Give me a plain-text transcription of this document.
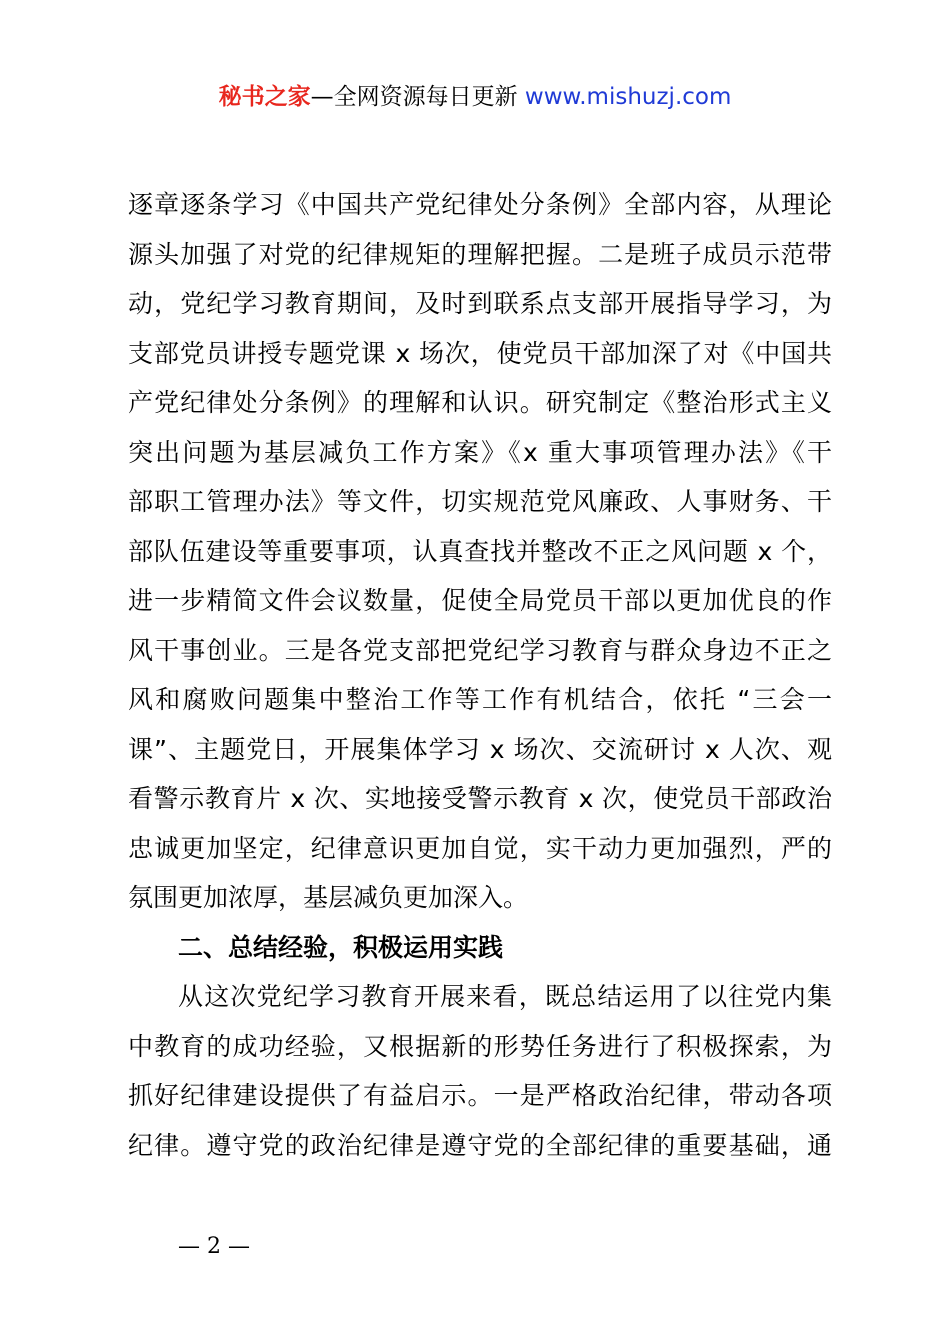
秘书之家—全网资源每日更新 www.mishuzj.com
逐章逐条学习《中国共产党纪律处分条例》全部内容，从理论
源头加强了对党的纪律规矩的理解把握。二是班子成员示范带
动，党纪学习教育期间，及时到联系点支部开展指导学习，为
支部党员讲授专题党课 x 场次，使党员干部加深了对《中国共
产党纪律处分条例》的理解和认识。研究制定《整治形式主义
突出问题为基层减负工作方案》《x 重大事项管理办法》《干
部职工管理办法》等文件，切实规范党风廉政、人事财务、干
部队伍建设等重要事项，认真查找并整改不正之风问题 x 个，
进一步精简文件会议数量，促使全局党员干部以更加优良的作
风干事创业。三是各党支部把党纪学习教育与群众身边不正之
风和腐败问题集中整治工作等工作有机结合，依托 “三会一
课”、主题党日，开展集体学习 x 场次、交流研讨 x 人次、观
看警示教育片 x 次、实地接受警示教育 x 次，使党员干部政治
忠诚更加坚定，纪律意识更加自觉，实干动力更加强烈，严的
氛围更加浓厚，基层减负更加深入。
二、总结经验，积极运用实践
从这次党纪学习教育开展来看，既总结运用了以往党内集
中教育的成功经验，又根据新的形势任务进行了积极探索，为
抓好纪律建设提供了有益启示。一是严格政治纪律，带动各项
纪律。遵守党的政治纪律是遵守党的全部纪律的重要基础，通
— 2 —
